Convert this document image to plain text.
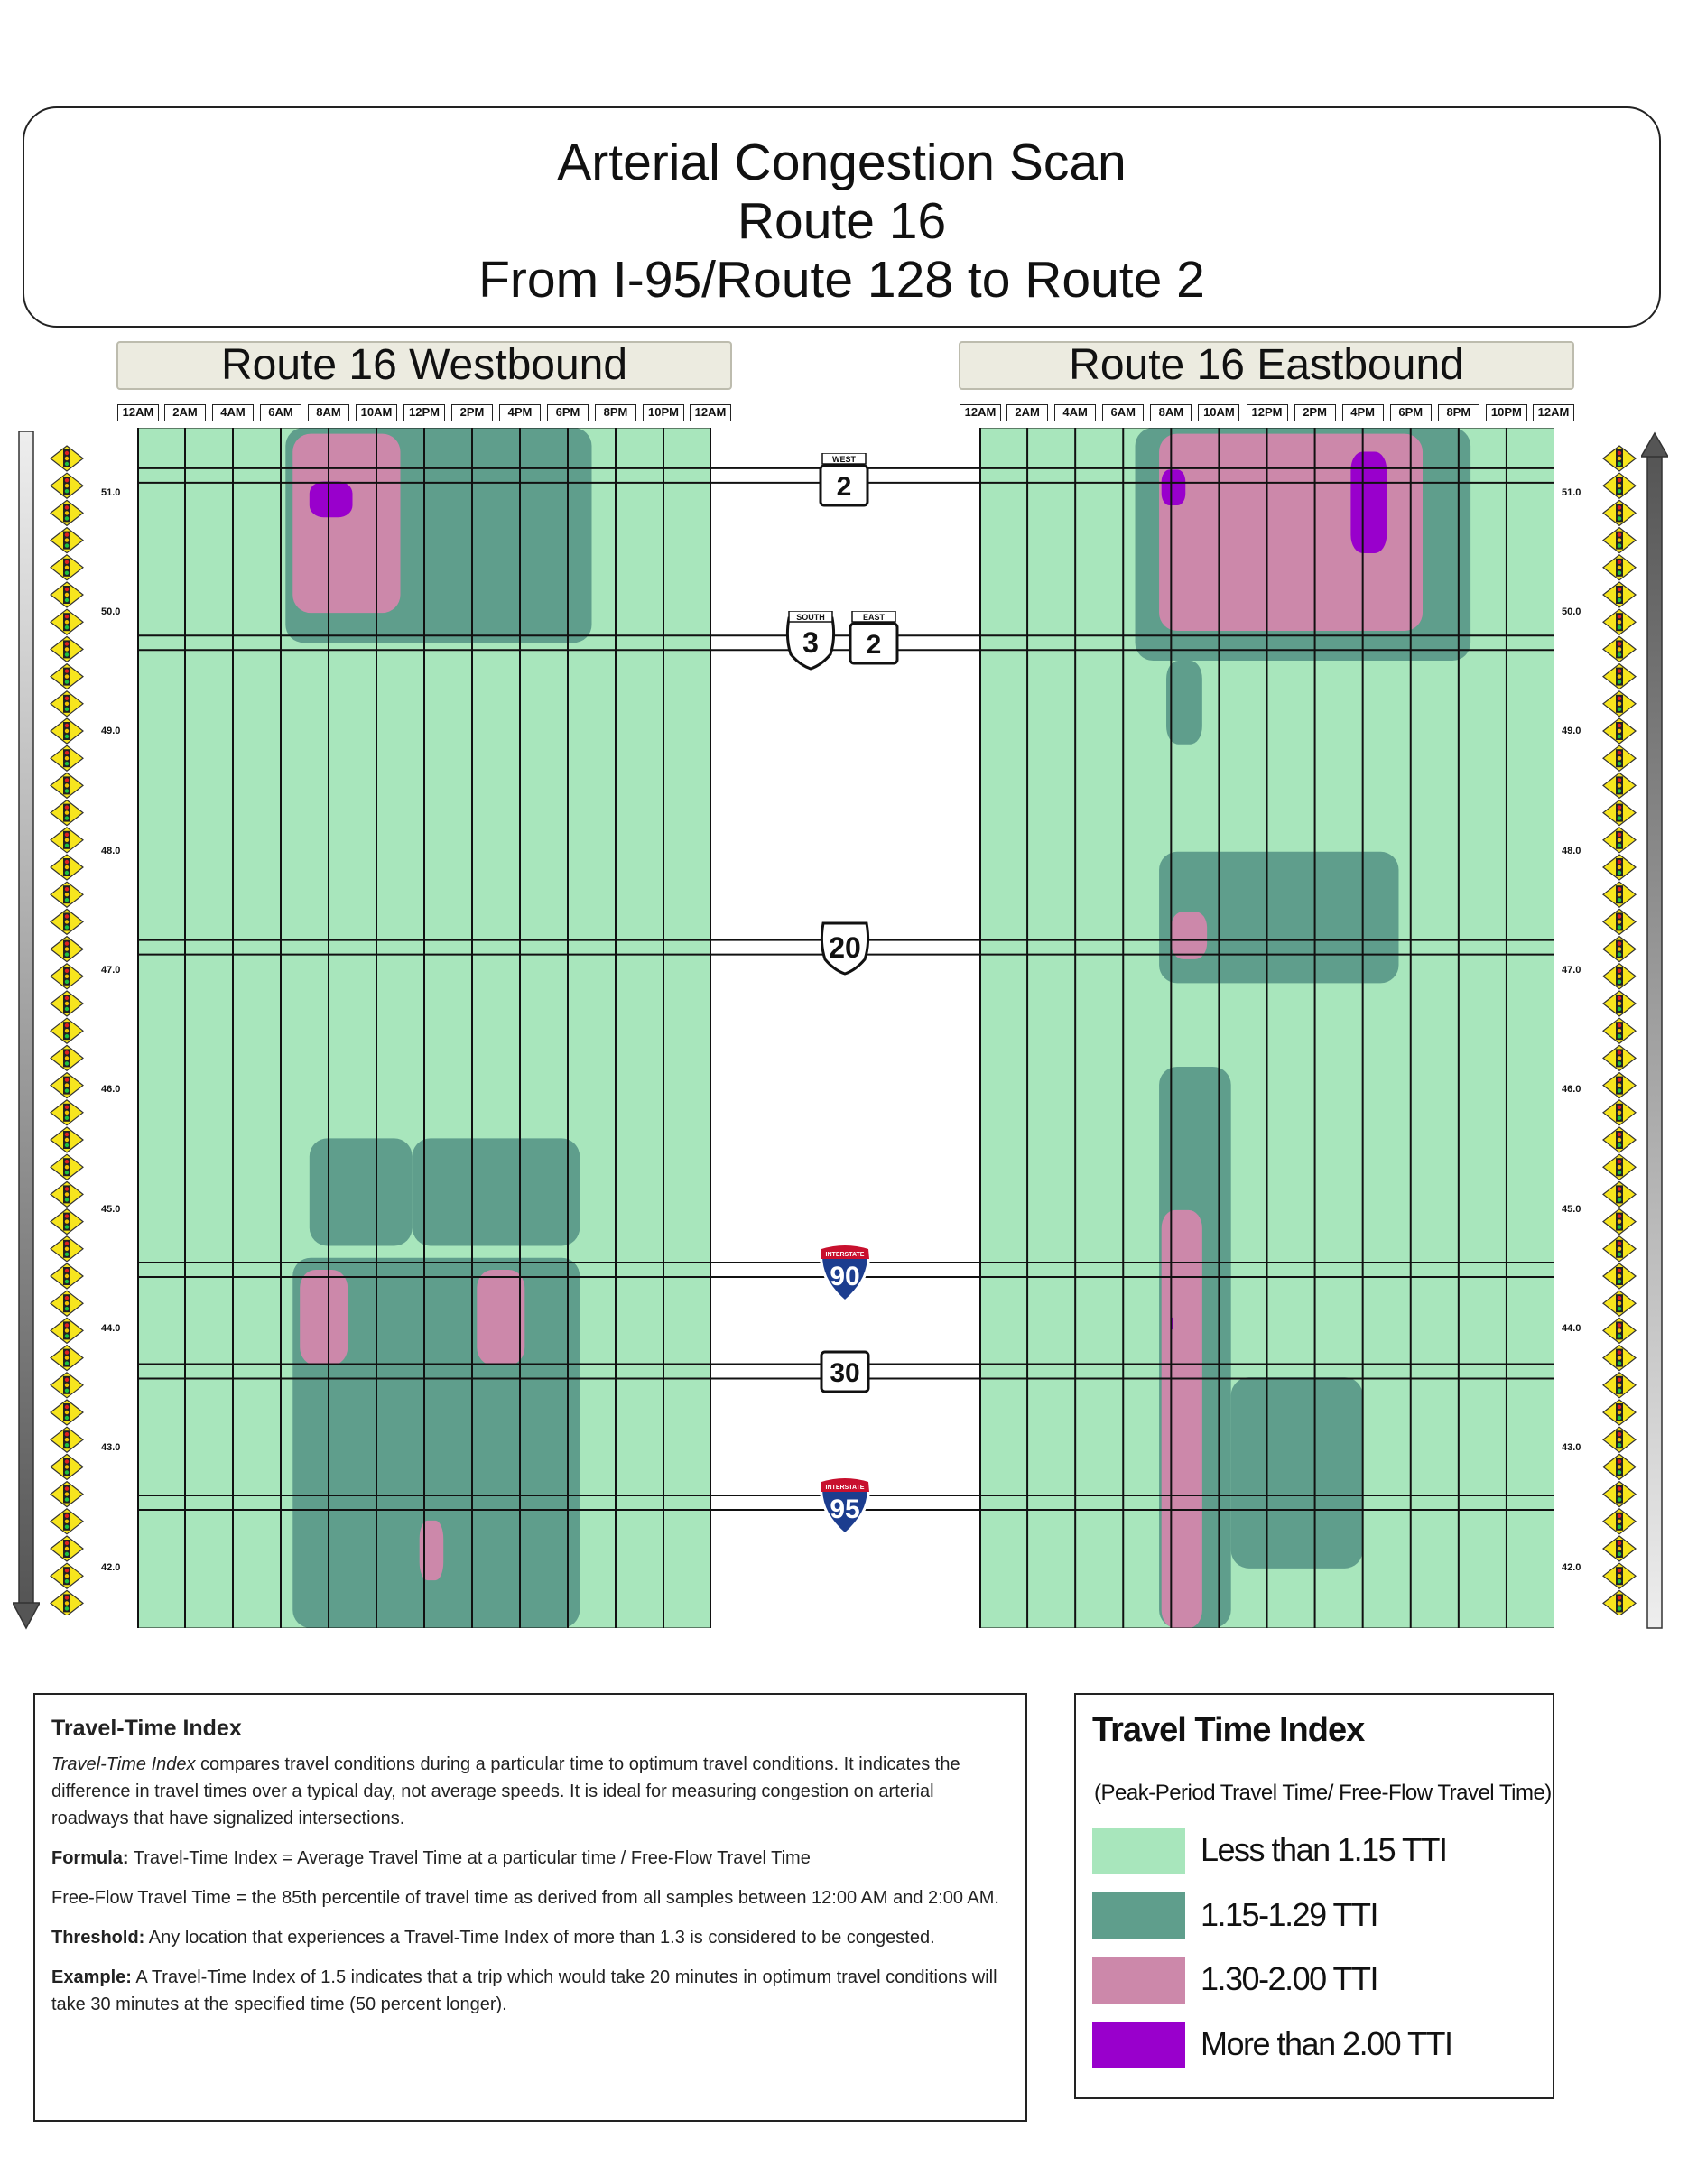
Arterial Congestion Scan
Route 16
From I-95/Route 128 to Route 2
Route 16 Westbound	Route 16 Eastbound
12AM	2AM	4AM	6AM	8AM	10AM	12PM	2PM	4PM	6PM	8PM	10PM	12AM	12AM	2AM	4AM	6AM	8AM	10AM	12PM	2PM	4PM	6PM	8PM	10PM	12AM
2
WEST
3
SOUTH
2
EAST
20
INTERSTATE
90
30
INTERSTATE
95
51.0	51.0
50.0	50.0
49.0	49.0
48.0	48.0
47.0	47.0
46.0	46.0
45.0	45.0
44.0	44.0
43.0	43.0
42.0	42.0
Travel-Time Index

Travel-Time Index compares travel conditions during a particular time to optimum travel conditions. It indicates the difference in travel times over a typical day, not average speeds. It is ideal for measuring congestion on arterial roadways that have signalized intersections.

Formula: Travel-Time Index = Average Travel Time at a particular time / Free-Flow Travel Time

Free-Flow Travel Time = the 85th percentile of travel time as derived from all samples between 12:00 AM and 2:00 AM.

Threshold: Any location that experiences a Travel-Time Index of more than 1.3 is considered to be congested.

Example: A Travel-Time Index of 1.5 indicates that a trip which would take 20 minutes in optimum travel conditions will take 30 minutes at the specified time (50 percent longer).

Travel Time Index
(Peak-Period Travel Time/ Free-Flow Travel Time)
Less than 1.15 TTI
1.15-1.29 TTI
1.30-2.00 TTI
More than 2.00 TTI
